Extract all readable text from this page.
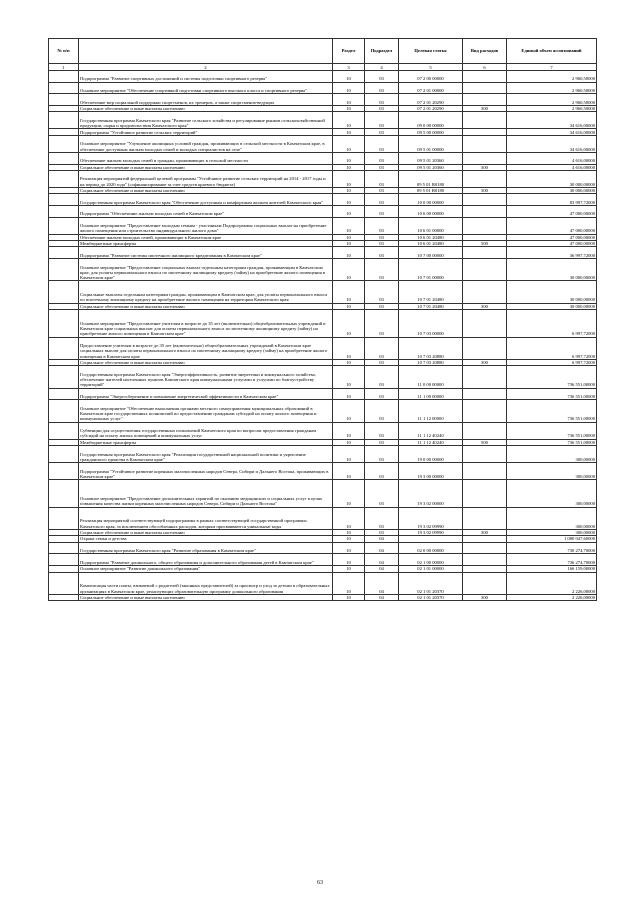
№ п/п		Раздел	Подраздел	Целевая статья	Вид расходов	Единый объем ассигнований
1	2	3	4	5	6	7
	Подпрограмма "Развитие спортивных достижений и системы подготовки спортивного резерва"	10	03	07 2 00 00000		2 960,50000
	Основное мероприятие "Обеспечение спортивной подготовки спортивного высокого класса и спортивного резерва"	10	03	07 2 01 00000		2 960,50000
	Обеспечение мер социальной поддержки спортсменов, их тренеров, а также спортсменов-ведущих	10	03	07 2 01 20290		2 960,50000
	Социальное обеспечение и иные выплаты населению	10	03	07 2 01 20290	300	2 960,50000
	Государственная программа Камчатского края "Развитие сельского хозяйства и регулирование рынков сельскохозяйственной продукции, сырья и продовольствия Камчатского края"	10	03	09 0 00 00000		34 616,00000
	Подпрограмма "Устойчивое развитие сельских территорий"	10	03	09 5 00 00000		34 616,00000
	Основное мероприятие "Улучшение жилищных условий граждан, проживающих в сельской местности в Камчатском крае, в обеспечение доступным жильем молодых семей и молодых специалистов на селе"	10	03	09 5 01 00000		34 616,00000
	Обеспечение жильем молодых семей и граждан, проживающих в сельской местности	10	03	09 5 01 20360		4 616,00000
	Социальное обеспечение и иные выплаты населению	10	03	09 5 01 20360	300	4 616,00000
	Реализация мероприятий федеральной целевой программы "Устойчивое развитие сельских территорий на 2014 - 2017 годы и на период до 2020 года" (софинансирование за счет средств краевого бюджета)	10	03	09 5 01 R0180		30 000,00000
	Социальное обеспечение и иные выплаты населению	10	03	09 5 01 R0180	300	30 000,00000
	Государственная программа Камчатского края "Обеспечение доступным и комфортным жильем жителей Камчатского края"	10	03	10 0 00 00000		83 997,72000
	Подпрограмма "Обеспечение жильем молодых семей в Камчатском крае"	10	03	10 6 00 00000		47 000,00000
	Основное мероприятие "Предоставление молодым семьям - участникам Подпрограммы социальных выплат на приобретение жилого помещения или строительство индивидуального жилого дома"	10	03	10 6 01 00000		47 000,00000
	Обеспечение жильем молодых семей, проживающих в Камчатском крае	10	03	10 6 01 20480		47 000,00000
	Межбюджетные трансферты	10	03	10 6 01 20480	500	47 000,00000
	Подпрограмма "Развитие системы ипотечного жилищного кредитования в Камчатском крае"	10	03	10 7 00 00000		36 997,72000
	Основное мероприятие "Предоставление социальных выплат отдельным категориям граждан, проживающим в Камчатском крае, для уплаты первоначального взноса по ипотечному жилищному кредиту (займу) на приобретение жилого помещения в Камчатском крае"	10	03	10 7 01 00000		30 000,00000
	Социальные выплаты отдельным категориям граждан, проживающим в Камчатском крае, для уплаты первоначального взноса по ипотечному жилищному кредиту на приобретение жилого помещения на территории Камчатского края	10	03	10 7 01 20480		30 000,00000
	Социальное обеспечение и иные выплаты населению	10	03	10 7 01 20480	300	30 000,00000
	Основное мероприятие "Предоставление учителям в возрасте до 35 лет (включительно) общеобразовательных учреждений в Камчатском крае социальных выплат для оплаты первоначального взноса по ипотечному жилищному кредиту (займу) на приобретение жилого помещения в Камчатском крае"	10	03	10 7 03 00000		6 997,72000
	Предоставление учителям в возрасте до 35 лет (включительно) общеобразовательных учреждений в Камчатском крае социальных выплат для оплаты первоначального взноса по ипотечному жилищному кредиту (займу) на приобретение жилого помещения в Камчатском крае	10	03	10 7 03 20880		6 997,72000
	Социальное обеспечение и иные выплаты населению	10	03	10 7 03 20880	300	6 997,72000
	Государственная программа Камчатского края "Энергоэффективность, развитие энергетики и коммунального хозяйства, обеспечение жителей населенных пунктов Камчатского края коммунальными услугами и услугами по благоустройству территорий"	10	03	11 0 00 00000		736 551,00000
	Подпрограмма "Энергосбережение и повышение энергетической эффективности в Камчатском крае"	10	03	11 1 00 00000		736 551,00000
	Основное мероприятие "Обеспечение выполнения органами местного самоуправления муниципальных образований в Камчатском крае государственных полномочий по предоставлению гражданам субсидий на оплату жилого помещения и коммунальных услуг"	10	03	11 1 12 00000		736 551,00000
	Субвенции для осуществления государственных полномочий Камчатского края по вопросам предоставления гражданам субсидий на оплату жилых помещений и коммунальных услуг	10	03	11 1 12 40240		736 551,00000
	Межбюджетные трансферты	10	03	11 1 12 40240	500	736 551,00000
	Государственная программа Камчатского края "Реализация государственной национальной политики и укрепление гражданского единства в Камчатском крае"	10	03	19 0 00 00000		300,00000
	Подпрограмма "Устойчивое развитие коренных малочисленных народов Севера, Сибири и Дальнего Востока, проживающих в Камчатском крае"	10	03	19 3 00 00000		300,00000
	Основное мероприятие "Предоставление дополнительных гарантий по оказанию медицинских и социальных услуг в целях повышения качества жизни коренных малочисленных народов Севера, Сибири и Дальнего Востока"	10	03	19 3 02 00000		300,00000
	Реализация мероприятий соответствующей подпрограммы в рамках соответствующей государственной программы Камчатского края, за исключением обособленных расходов, которым присваиваются уникальные коды	10	03	19 3 02 09990		300,00000
	Социальное обеспечение и иные выплаты населению	10	03	19 3 02 09990	300	300,00000
	Охрана семьи и детства	10	04			1 080 047,60000
	Государственная программа Камчатского края "Развитие образования в Камчатском крае"	10	04	02 0 00 00000		730 274,70000
	Подпрограмма "Развитие дошкольного, общего образования и дополнительного образования детей в Камчатском крае"	10	04	02 1 00 00000		736 274,70000
	Основное мероприятие "Развитие дошкольного образования"	10	04	02 1 01 00000		166 159,00000
	Компенсация части платы, взимаемой с родителей (законных представителей) за присмотр и уход за детьми в образовательных организациях в Камчатском крае, реализующих образовательную программу дошкольного образования	10	04	02 1 01 20370		2 226,00000
	Социальное обеспечение и иные выплаты населению	10	04	02 1 01 20370	300	2 226,00000
63
